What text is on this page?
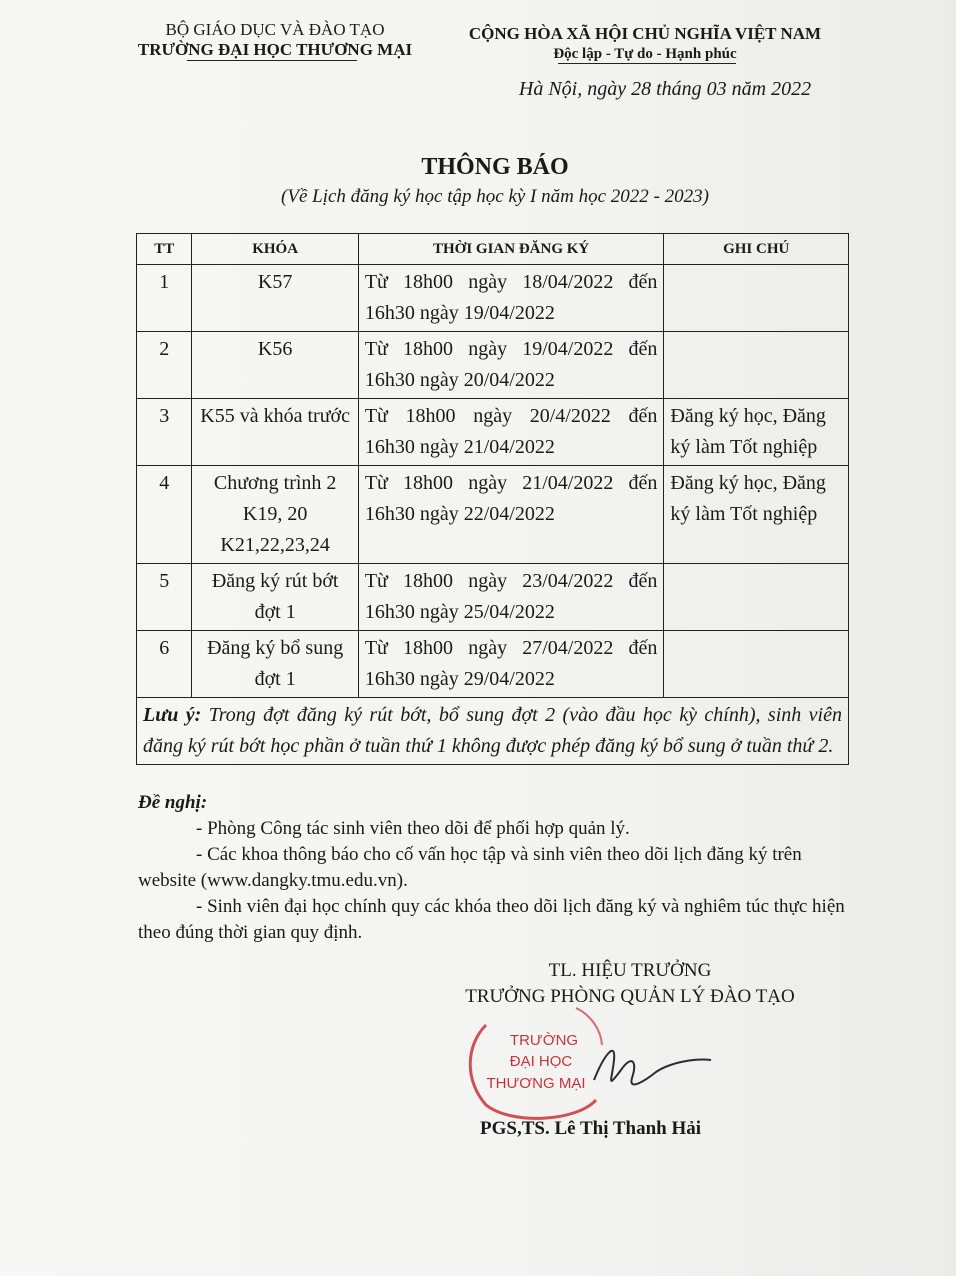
BỘ GIÁO DỤC VÀ ĐÀO TẠO
TRƯỜNG ĐẠI HỌC THƯƠNG MẠI
CỘNG HÒA XÃ HỘI CHỦ NGHĨA VIỆT NAM
Độc lập - Tự do - Hạnh phúc
Hà Nội, ngày 28 tháng 03 năm 2022
THÔNG BÁO
(Về Lịch đăng ký học tập học kỳ I năm học 2022 - 2023)
TT	KHÓA	THỜI GIAN ĐĂNG KÝ	GHI CHÚ
1	K57	Từ 18h00 ngày 18/04/2022 đến 16h30 ngày 19/04/2022	
2	K56	Từ 18h00 ngày 19/04/2022 đến 16h30 ngày 20/04/2022	
3	K55 và khóa trước	Từ 18h00 ngày 20/4/2022 đến 16h30 ngày 21/04/2022	Đăng ký học, Đăng ký làm Tốt nghiệp
4	Chương trình 2 K19, 20 K21,22,23,24	Từ 18h00 ngày 21/04/2022 đến 16h30 ngày 22/04/2022	Đăng ký học, Đăng ký làm Tốt nghiệp
5	Đăng ký rút bớt đợt 1	Từ 18h00 ngày 23/04/2022 đến 16h30 ngày 25/04/2022	
6	Đăng ký bổ sung đợt 1	Từ 18h00 ngày 27/04/2022 đến 16h30 ngày 29/04/2022	
Lưu ý: Trong đợt đăng ký rút bớt, bổ sung đợt 2 (vào đầu học kỳ chính), sinh viên đăng ký rút bớt học phần ở tuần thứ 1 không được phép đăng ký bổ sung ở tuần thứ 2.			
Đề nghị:
- Phòng Công tác sinh viên theo dõi để phối hợp quản lý.
- Các khoa thông báo cho cố vấn học tập và sinh viên theo dõi lịch đăng ký trên website (www.dangky.tmu.edu.vn).
- Sinh viên đại học chính quy các khóa theo dõi lịch đăng ký và nghiêm túc thực hiện theo đúng thời gian quy định.
TL. HIỆU TRƯỞNG
TRƯỞNG PHÒNG QUẢN LÝ ĐÀO TẠO
TRƯỜNG
ĐẠI HỌC
THƯƠNG MẠI
PGS,TS. Lê Thị Thanh Hải
